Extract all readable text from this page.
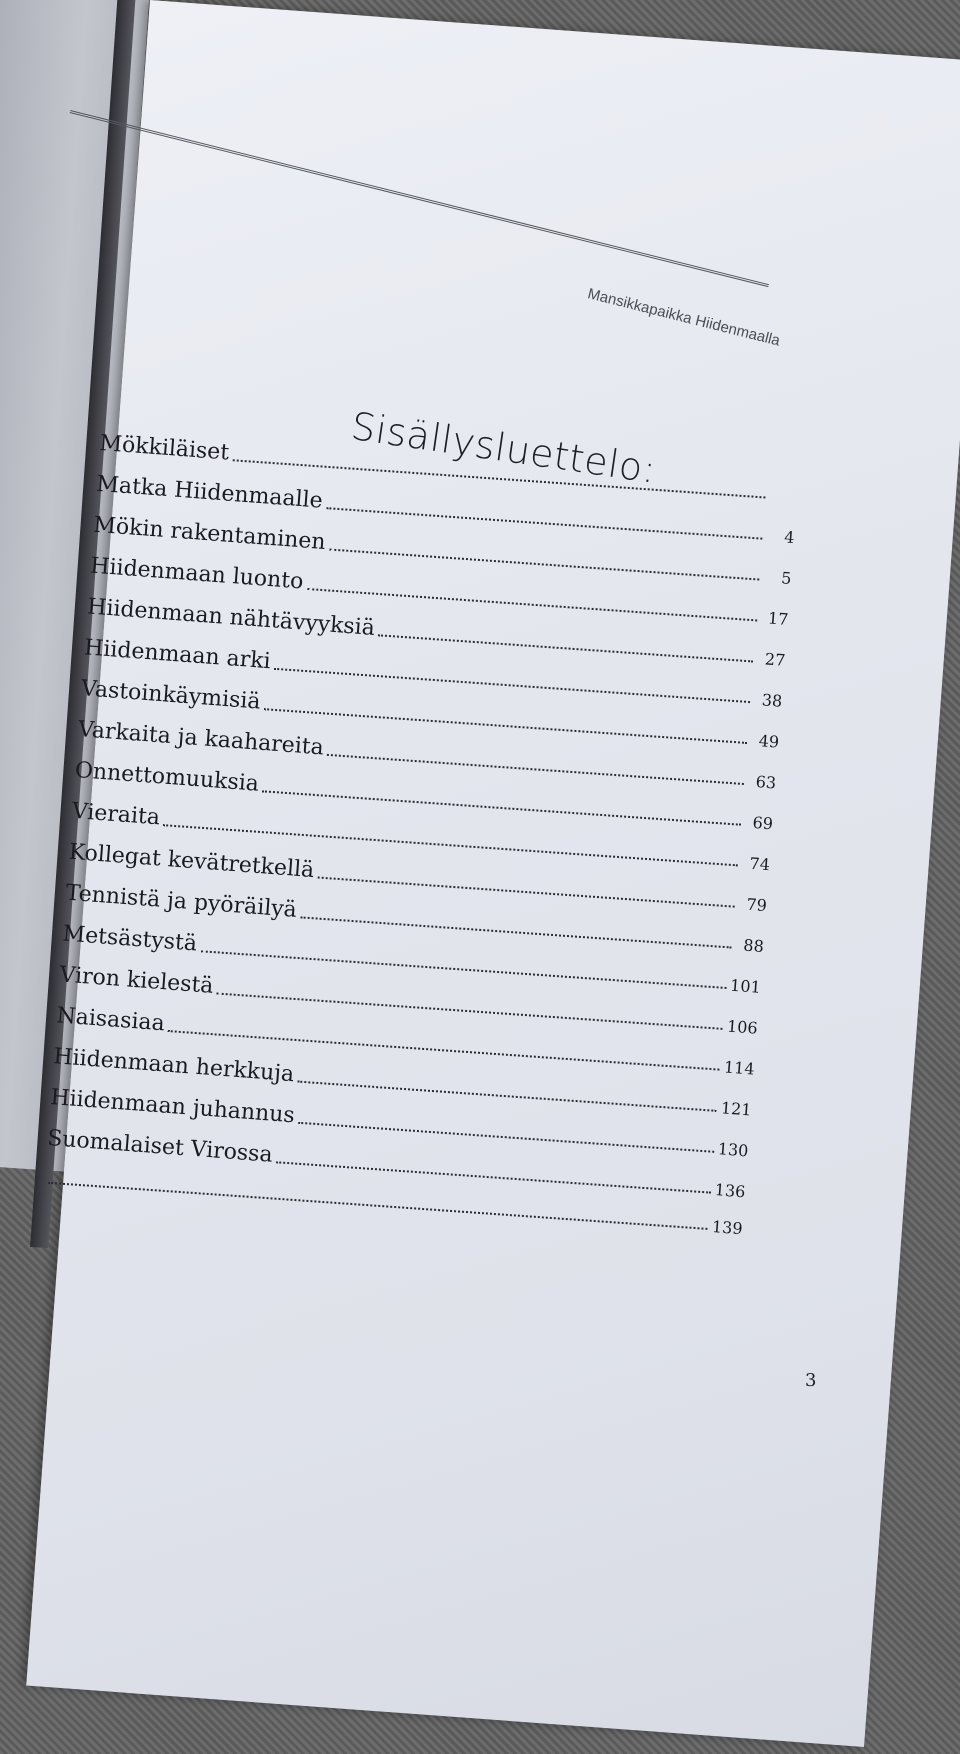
Mansikkapaikka Hiidenmaalla
Sisällysluettelo:
Mökkiläiset
Matka Hiidenmaalle
4
Mökin rakentaminen
5
Hiidenmaan luonto
17
Hiidenmaan nähtävyyksiä
27
Hiidenmaan arki
38
Vastoinkäymisiä
49
Varkaita ja kaahareita
63
Onnettomuuksia
69
Vieraita
74
Kollegat kevätretkellä
79
Tennistä ja pyöräilyä
88
Metsästystä
101
Viron kielestä
106
Naisasiaa
114
Hiidenmaan herkkuja
121
Hiidenmaan juhannus
130
Suomalaiset Virossa
136
139
3
